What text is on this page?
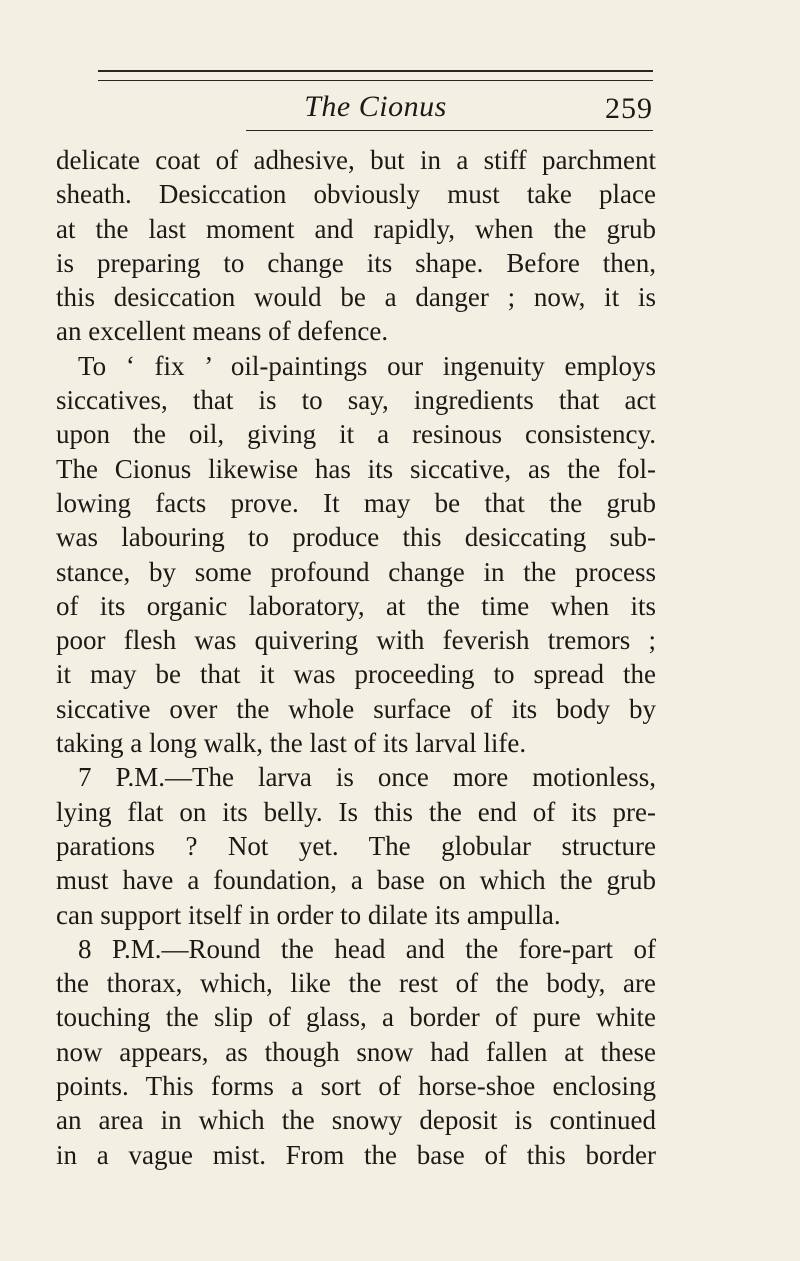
The Cionus	259
delicate coat of adhesive, but in a stiff parchment
sheath. Desiccation obviously must take place
at the last moment and rapidly, when the grub
is preparing to change its shape. Before then,
this desiccation would be a danger ; now, it is
an excellent means of defence.
To ‘ fix ’ oil-paintings our ingenuity employs
siccatives, that is to say, ingredients that act
upon the oil, giving it a resinous consistency.
The Cionus likewise has its siccative, as the fol-
lowing facts prove. It may be that the grub
was labouring to produce this desiccating sub-
stance, by some profound change in the process
of its organic laboratory, at the time when its
poor flesh was quivering with feverish tremors ;
it may be that it was proceeding to spread the
siccative over the whole surface of its body by
taking a long walk, the last of its larval life.
7 P.M.—The larva is once more motionless,
lying flat on its belly. Is this the end of its pre-
parations ? Not yet. The globular structure
must have a foundation, a base on which the grub
can support itself in order to dilate its ampulla.
8 P.M.—Round the head and the fore-part of
the thorax, which, like the rest of the body, are
touching the slip of glass, a border of pure white
now appears, as though snow had fallen at these
points. This forms a sort of horse-shoe enclosing
an area in which the snowy deposit is continued
in a vague mist. From the base of this border
